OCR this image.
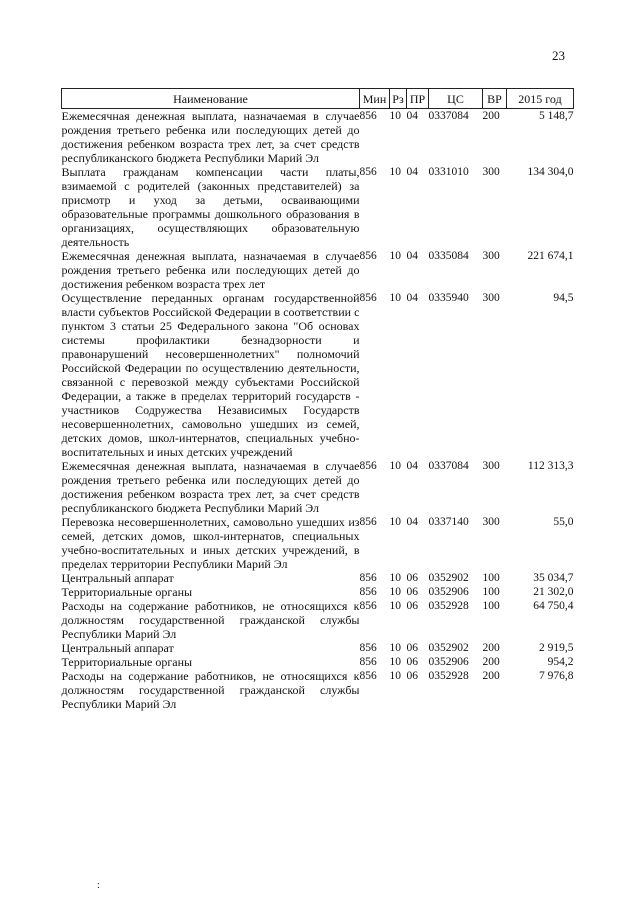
23
Наименование	Мин	Рз	ПР	ЦС	ВР	2015 год
Ежемесячная денежная выплата, назначаемая в случае рождения третьего ребенка или последующих детей до достижения ребенком возраста трех лет, за счет средств республиканского бюджета Республики Марий Эл	856	10	04	0337084	200	5 148,7
Выплата гражданам компенсации части платы, взимаемой с родителей (законных представителей) за присмотр и уход за детьми, осваивающими образовательные программы дошкольного образования в организациях, осуществляющих образовательную деятельность	856	10	04	0331010	300	134 304,0
Ежемесячная денежная выплата, назначаемая в случае рождения третьего ребенка или последующих детей до достижения ребенком возраста трех лет	856	10	04	0335084	300	221 674,1
Осуществление переданных органам государственной власти субъектов Российской Федерации в соответствии с пунктом 3 статьи 25 Федерального закона "Об основах системы профилактики безнадзорности и правонарушений несовершеннолетних" полномочий Российской Федерации по осуществлению деятельности, связанной с перевозкой между субъектами Российской Федерации, а также в пределах территорий государств - участников Содружества Независимых Государств несовершеннолетних, самовольно ушедших из семей, детских домов, школ-интернатов, специальных учебно-воспитательных и иных детских учреждений	856	10	04	0335940	300	94,5
Ежемесячная денежная выплата, назначаемая в случае рождения третьего ребенка или последующих детей до достижения ребенком возраста трех лет, за счет средств республиканского бюджета Республики Марий Эл	856	10	04	0337084	300	112 313,3
Перевозка несовершеннолетних, самовольно ушедших из семей, детских домов, школ-интернатов, специальных учебно-воспитательных и иных детских учреждений, в пределах территории Республики Марий Эл	856	10	04	0337140	300	55,0
Центральный аппарат	856	10	06	0352902	100	35 034,7
Территориальные органы	856	10	06	0352906	100	21 302,0
Расходы на содержание работников, не относящихся к должностям государственной гражданской службы Республики Марий Эл	856	10	06	0352928	100	64 750,4
Центральный аппарат	856	10	06	0352902	200	2 919,5
Территориальные органы	856	10	06	0352906	200	954,2
Расходы на содержание работников, не относящихся к должностям государственной гражданской службы Республики Марий Эл	856	10	06	0352928	200	7 976,8
:
